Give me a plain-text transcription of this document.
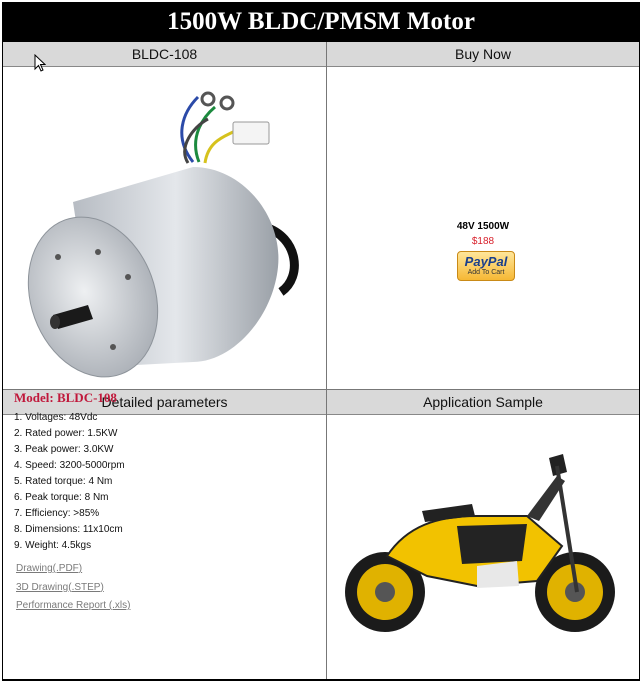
1500W BLDC/PMSM Motor
BLDC-108	Buy Now
48V 1500W
$188
PayPal
Add To Cart
Detailed parameters	Application Sample
Model: BLDC-108
1. Voltages: 48Vdc
2. Rated power: 1.5KW
3. Peak power: 3.0KW
4. Speed: 3200-5000rpm
5. Rated torque: 4 Nm
6. Peak torque: 8 Nm
7. Efficiency: >85%
8. Dimensions: 11x10cm
9. Weight: 4.5kgs
Drawing(.PDF)
3D Drawing(.STEP)
Performance Report (.xls)
